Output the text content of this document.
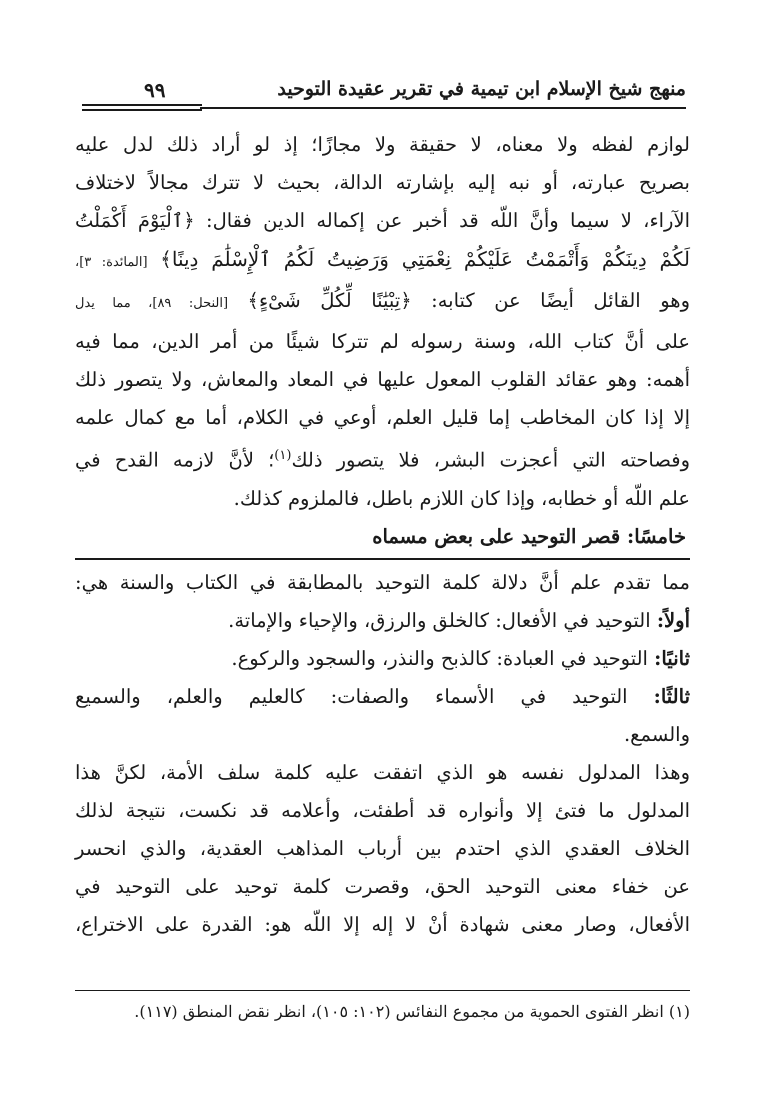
منهج شيخ الإسلام ابن تيمية في تقرير عقيدة التوحيد
٩٩
لوازم لفظه ولا معناه، لا حقيقة ولا مجازًا؛ إذ لو أراد ذلك لدل عليه
بصريح عبارته، أو نبه إليه بإشارته الدالة، بحيث لا تترك مجالاً لاختلاف
الآراء، لا سيما وأنَّ اللّه قد أخبر عن إكماله الدين فقال: ﴿ٱلْيَوْمَ أَكْمَلْتُ
لَكُمْ دِينَكُمْ وَأَتْمَمْتُ عَلَيْكُمْ نِعْمَتِي وَرَضِيتُ لَكُمُ ٱلْإِسْلَٰمَ دِينًا﴾ [المائدة: ٣]،
وهو القائل أيضًا عن كتابه: ﴿تِبْيَٰنًا لِّكُلِّ شَىْءٍ﴾ [النحل: ٨٩]، مما يدل
على أنَّ كتاب الله، وسنة رسوله لم تتركا شيئًا من أمر الدين، مما فيه
أهمه: وهو عقائد القلوب المعول عليها في المعاد والمعاش، ولا يتصور ذلك
إلا إذا كان المخاطب إما قليل العلم، أوعي في الكلام، أما مع كمال علمه
وفصاحته التي أعجزت البشر، فلا يتصور ذلك$^{(١)}$؛ لأنَّ لازمه القدح في
علم اللّه أو خطابه، وإذا كان اللازم باطل، فالملزوم كذلك.
خامسًا: قصر التوحيد على بعض مسماه
مما تقدم علم أنَّ دلالة كلمة التوحيد بالمطابقة في الكتاب والسنة هي:
أولاً: التوحيد في الأفعال: كالخلق والرزق، والإحياء والإماتة.
ثانيًا: التوحيد في العبادة: كالذبح والنذر، والسجود والركوع.
ثالثًا: التوحيد في الأسماء والصفات: كالعليم والعلم، والسميع
والسمع.
وهذا المدلول نفسه هو الذي اتفقت عليه كلمة سلف الأمة، لكنَّ هذا
المدلول ما فتئ إلا وأنواره قد أطفئت، وأعلامه قد نكست، نتيجة لذلك
الخلاف العقدي الذي احتدم بين أرباب المذاهب العقدية، والذي انحسر
عن خفاء معنى التوحيد الحق، وقصرت كلمة توحيد على التوحيد في
الأفعال، وصار معنى شهادة أنْ لا إله إلا اللّه هو: القدرة على الاختراع،
(١) انظر الفتوى الحموية من مجموع النفائس (١٠٢: ١٠٥)، انظر نقض المنطق (١١٧).
